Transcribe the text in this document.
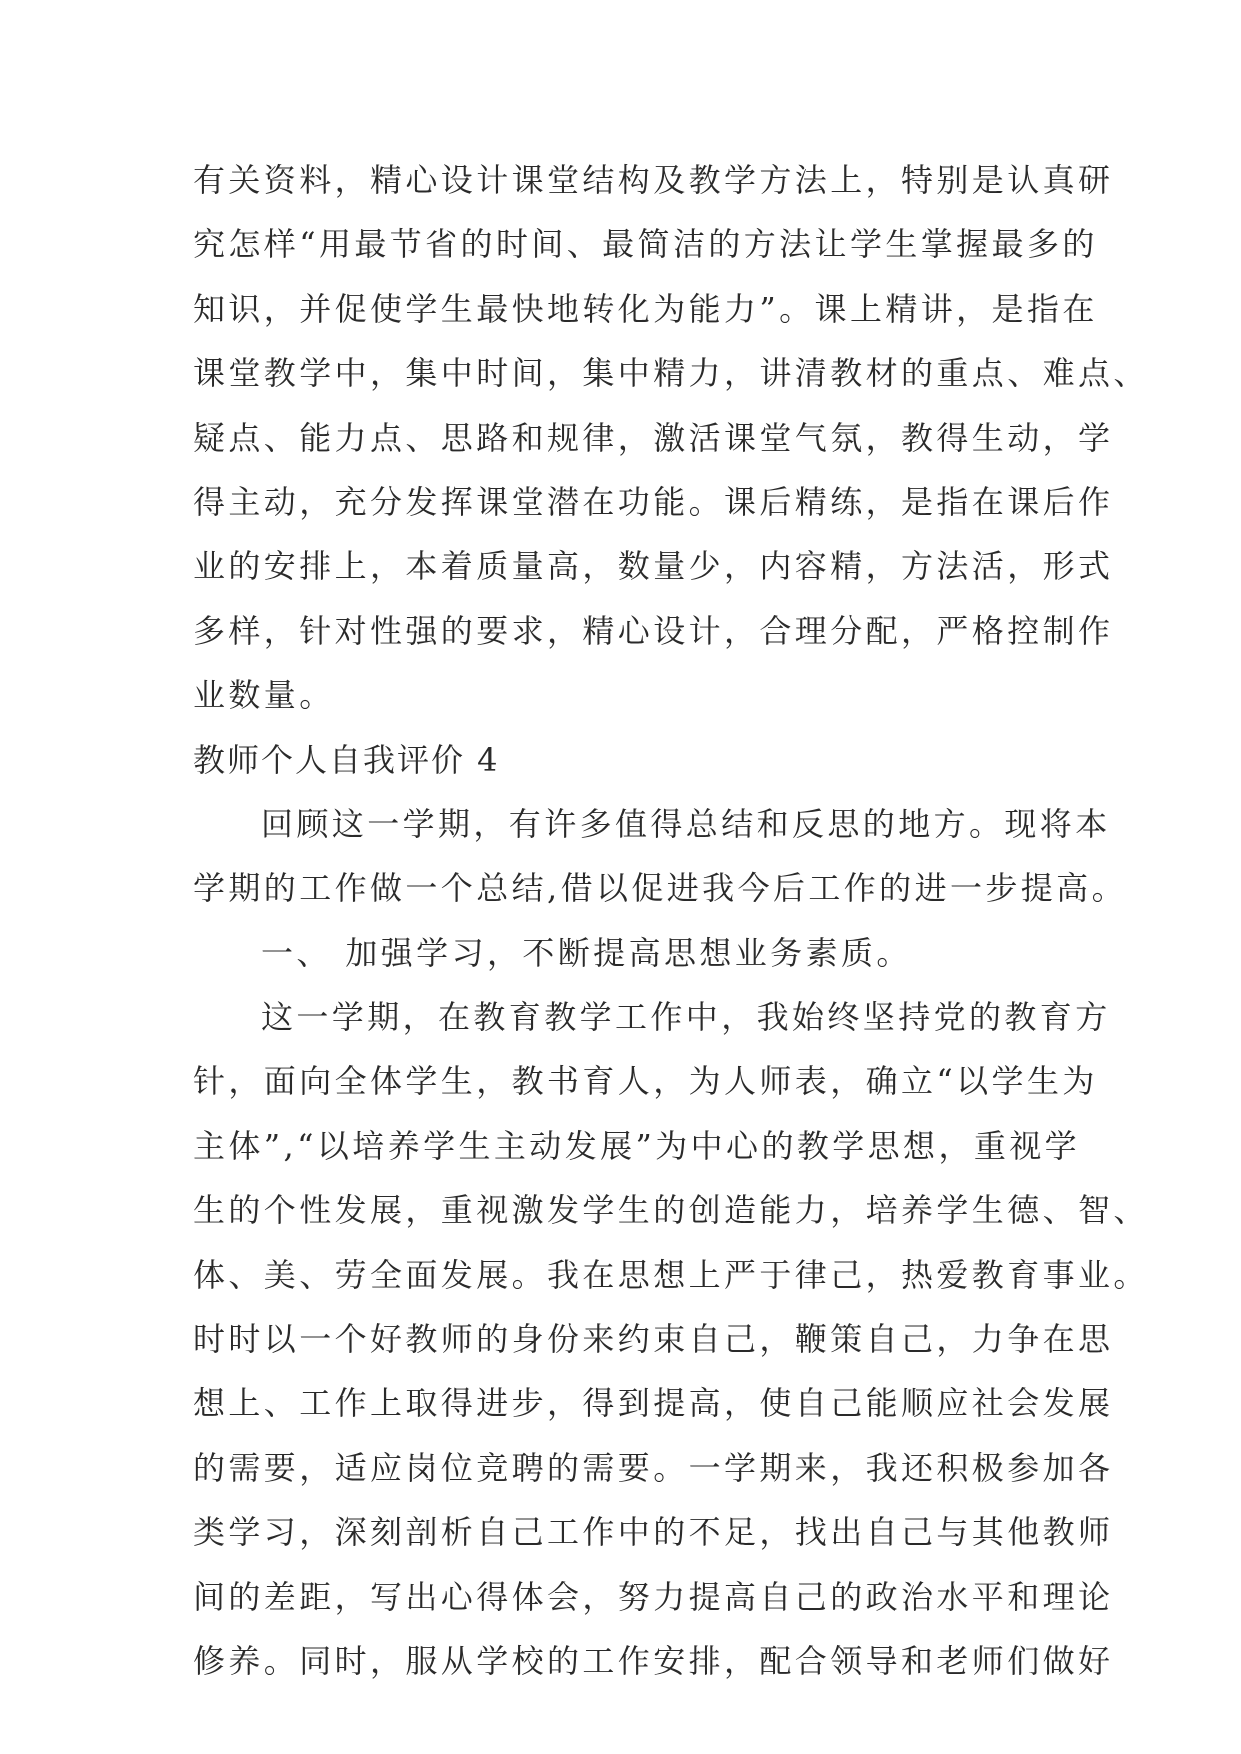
有关资料，精心设计课堂结构及教学方法上，特别是认真研
究怎样“用最节省的时间、最简洁的方法让学生掌握最多的
知识，并促使学生最快地转化为能力”。课上精讲，是指在
课堂教学中，集中时间，集中精力，讲清教材的重点、难点、
疑点、能力点、思路和规律，激活课堂气氛，教得生动，学
得主动，充分发挥课堂潜在功能。课后精练，是指在课后作
业的安排上，本着质量高，数量少，内容精，方法活，形式
多样，针对性强的要求，精心设计，合理分配，严格控制作
业数量。
教师个人自我评价 4
回顾这一学期，有许多值得总结和反思的地方。现将本
学期的工作做一个总结,借以促进我今后工作的进一步提高。
一、 加强学习，不断提高思想业务素质。
这一学期，在教育教学工作中，我始终坚持党的教育方
针，面向全体学生，教书育人，为人师表，确立“以学生为
主体”,“以培养学生主动发展”为中心的教学思想，重视学
生的个性发展，重视激发学生的创造能力，培养学生德、智、
体、美、劳全面发展。我在思想上严于律己，热爱教育事业。
时时以一个好教师的身份来约束自己，鞭策自己，力争在思
想上、工作上取得进步，得到提高，使自己能顺应社会发展
的需要，适应岗位竞聘的需要。一学期来，我还积极参加各
类学习，深刻剖析自己工作中的不足，找出自己与其他教师
间的差距，写出心得体会，努力提高自己的政治水平和理论
修养。同时，服从学校的工作安排，配合领导和老师们做好
